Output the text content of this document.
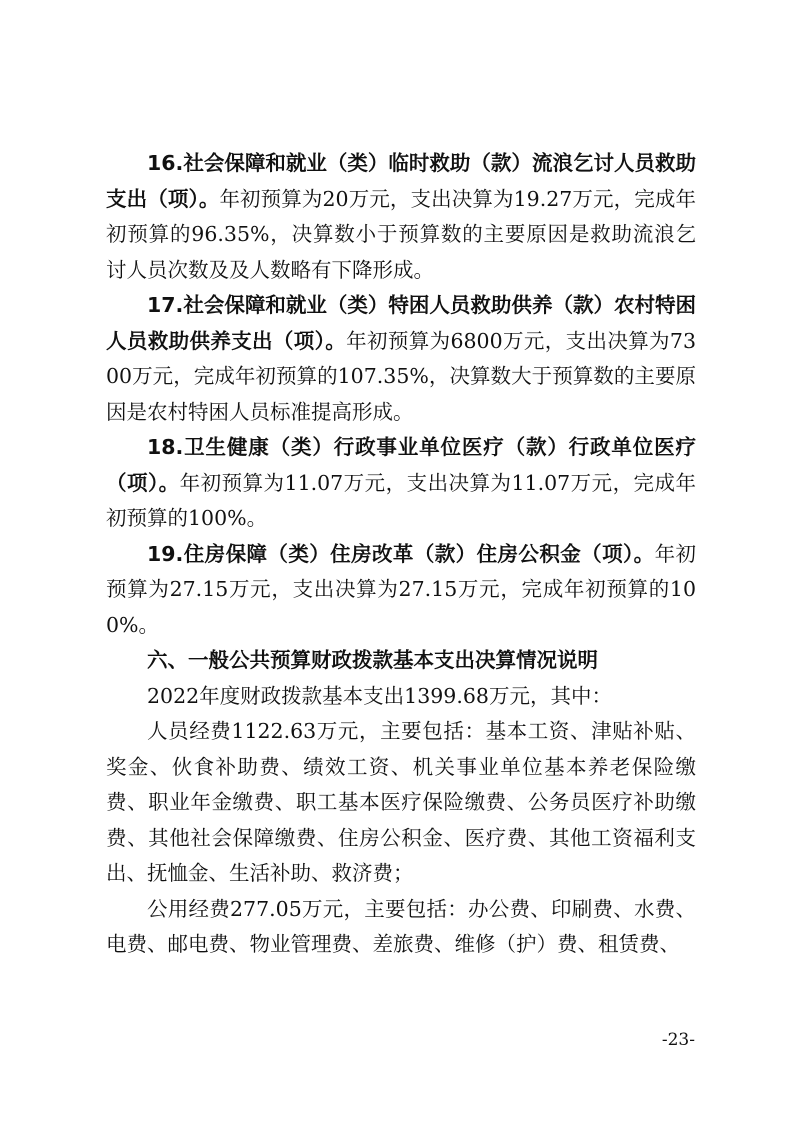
16.社会保障和就业（类）临时救助（款）流浪乞讨人员救助支出（项）。年初预算为20万元，支出决算为19.27万元，完成年初预算的96.35%，决算数小于预算数的主要原因是救助流浪乞讨人员次数及及人数略有下降形成。

17.社会保障和就业（类）特困人员救助供养（款）农村特困人员救助供养支出（项）。年初预算为6800万元，支出决算为7300万元，完成年初预算的107.35%，决算数大于预算数的主要原因是农村特困人员标准提高形成。

18.卫生健康（类）行政事业单位医疗（款）行政单位医疗（项）。年初预算为11.07万元，支出决算为11.07万元，完成年初预算的100%。

19.住房保障（类）住房改革（款）住房公积金（项）。年初预算为27.15万元，支出决算为27.15万元，完成年初预算的100%。

六、一般公共预算财政拨款基本支出决算情况说明

2022年度财政拨款基本支出1399.68万元，其中：

人员经费1122.63万元，主要包括：基本工资、津贴补贴、奖金、伙食补助费、绩效工资、机关事业单位基本养老保险缴费、职业年金缴费、职工基本医疗保险缴费、公务员医疗补助缴费、其他社会保障缴费、住房公积金、医疗费、其他工资福利支出、抚恤金、生活补助、救济费；

公用经费277.05万元，主要包括：办公费、印刷费、水费、电费、邮电费、物业管理费、差旅费、维修（护）费、租赁费、

-23-
